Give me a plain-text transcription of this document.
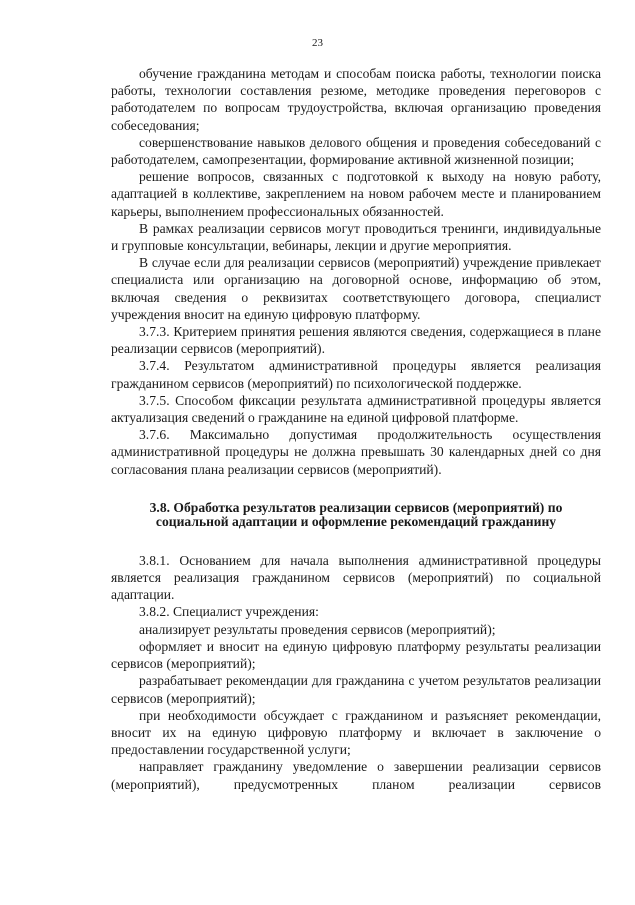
23

обучение гражданина методам и способам поиска работы, технологии поиска работы, технологии составления резюме, методике проведения переговоров с работодателем по вопросам трудоустройства, включая организацию проведения собеседования;

совершенствование навыков делового общения и проведения собеседований с работодателем, самопрезентации, формирование активной жизненной позиции;

решение вопросов, связанных с подготовкой к выходу на новую работу, адаптацией в коллективе, закреплением на новом рабочем месте и планированием карьеры, выполнением профессиональных обязанностей.

В рамках реализации сервисов могут проводиться тренинги, индивидуальные и групповые консультации, вебинары, лекции и другие мероприятия.

В случае если для реализации сервисов (мероприятий) учреждение привлекает специалиста или организацию на договорной основе, информацию об этом, включая сведения о реквизитах соответствующего договора, специалист учреждения вносит на единую цифровую платформу.

3.7.3. Критерием принятия решения являются сведения, содержащиеся в плане реализации сервисов (мероприятий).

3.7.4. Результатом административной процедуры является реализация гражданином сервисов (мероприятий) по психологической поддержке.

3.7.5. Способом фиксации результата административной процедуры является актуализация сведений о гражданине на единой цифровой платформе.

3.7.6. Максимально допустимая продолжительность осуществления административной процедуры не должна превышать 30 календарных дней со дня согласования плана реализации сервисов (мероприятий).

3.8. Обработка результатов реализации сервисов (мероприятий) по социальной адаптации и оформление рекомендаций гражданину

3.8.1. Основанием для начала выполнения административной процедуры является реализация гражданином сервисов (мероприятий) по социальной адаптации.

3.8.2. Специалист учреждения:

анализирует результаты проведения сервисов (мероприятий);

оформляет и вносит на единую цифровую платформу результаты реализации сервисов (мероприятий);

разрабатывает рекомендации для гражданина с учетом результатов реализации сервисов (мероприятий);

при необходимости обсуждает с гражданином и разъясняет рекомендации, вносит их на единую цифровую платформу и включает в заключение о предоставлении государственной услуги;

направляет гражданину уведомление о завершении реализации сервисов (мероприятий), предусмотренных планом реализации сервисов
